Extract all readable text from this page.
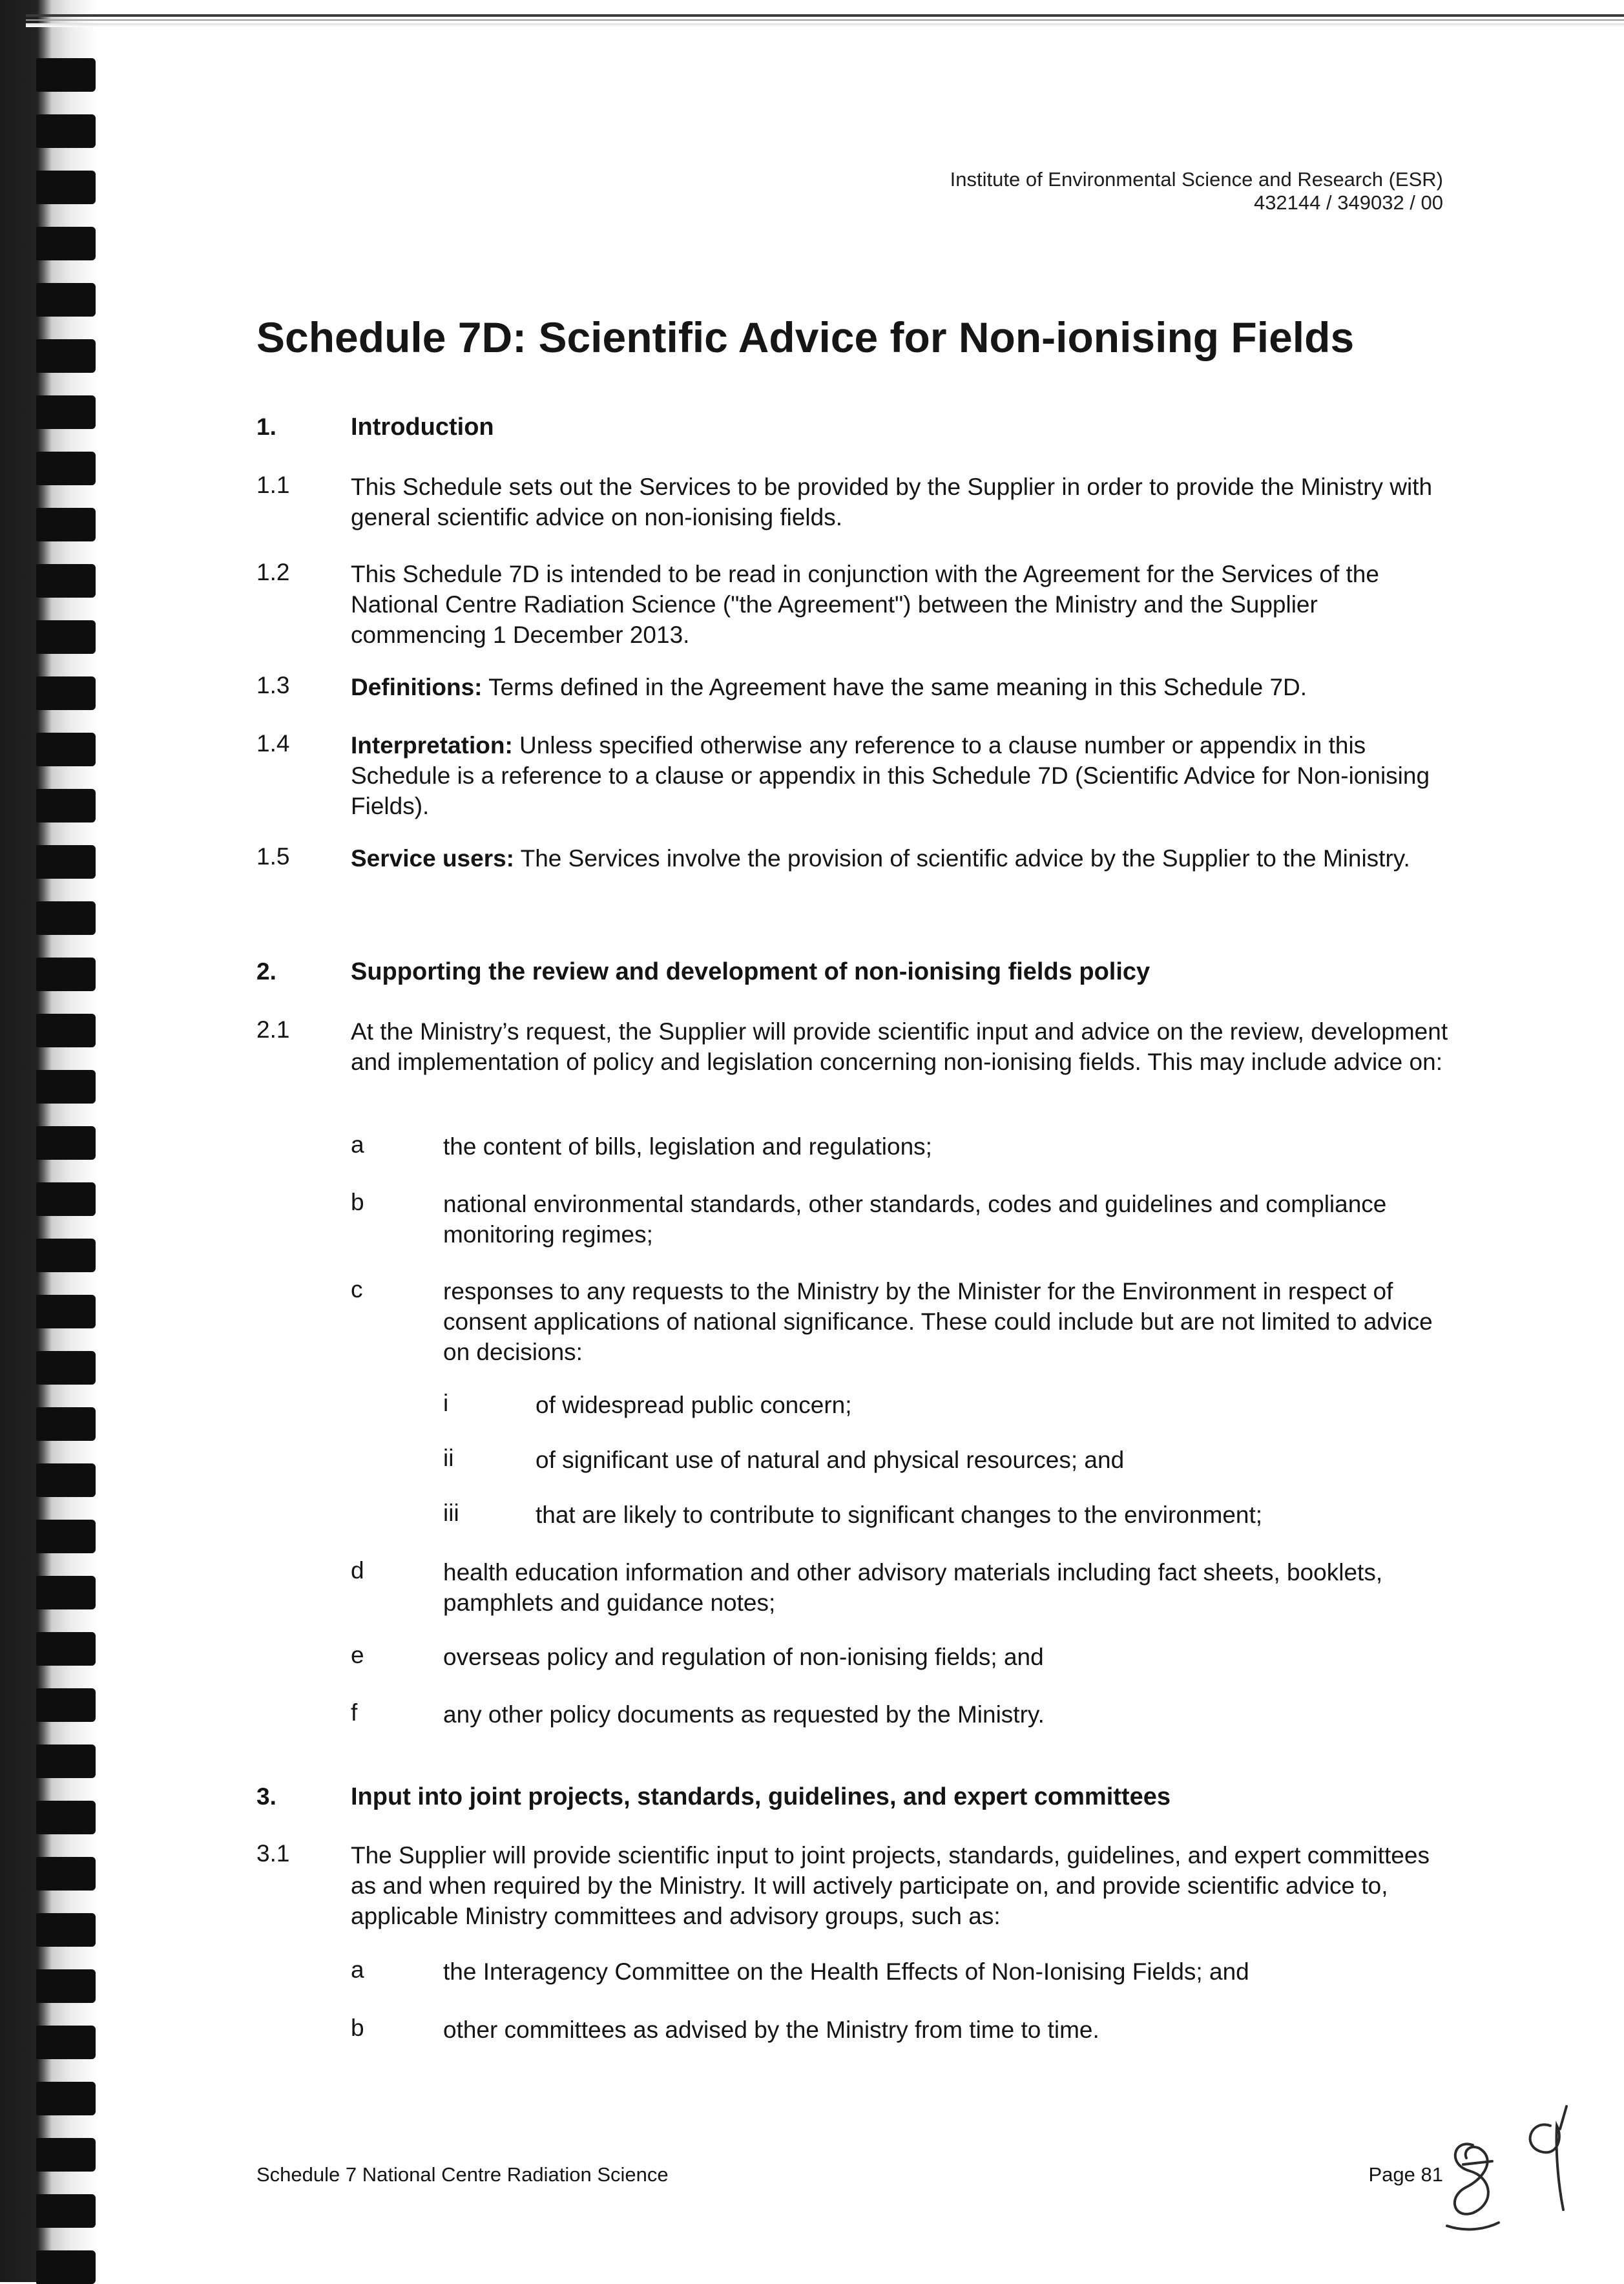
Institute of Environmental Science and Research (ESR)
432144 / 349032 / 00
Schedule 7D: Scientific Advice for Non-ionising Fields
1.	Introduction
1.1	This Schedule sets out the Services to be provided by the Supplier in order to provide the Ministry with general scientific advice on non-ionising fields.
1.2	This Schedule 7D is intended to be read in conjunction with the Agreement for the Services of the National Centre Radiation Science ("the Agreement") between the Ministry and the Supplier commencing 1 December 2013.
1.3	Definitions: Terms defined in the Agreement have the same meaning in this Schedule 7D.
1.4	Interpretation: Unless specified otherwise any reference to a clause number or appendix in this Schedule is a reference to a clause or appendix in this Schedule 7D (Scientific Advice for Non-ionising Fields).
1.5	Service users: The Services involve the provision of scientific advice by the Supplier to the Ministry.
2.	Supporting the review and development of non-ionising fields policy
2.1	At the Ministry’s request, the Supplier will provide scientific input and advice on the review, development and implementation of policy and legislation concerning non-ionising fields. This may include advice on:
a	the content of bills, legislation and regulations;
b	national environmental standards, other standards, codes and guidelines and compliance monitoring regimes;
c	responses to any requests to the Ministry by the Minister for the Environment in respect of consent applications of national significance. These could include but are not limited to advice on decisions:
i	of widespread public concern;
ii	of significant use of natural and physical resources; and
iii	that are likely to contribute to significant changes to the environment;
d	health education information and other advisory materials including fact sheets, booklets, pamphlets and guidance notes;
e	overseas policy and regulation of non-ionising fields; and
f	any other policy documents as requested by the Ministry.
3.	Input into joint projects, standards, guidelines, and expert committees
3.1	The Supplier will provide scientific input to joint projects, standards, guidelines, and expert committees as and when required by the Ministry. It will actively participate on, and provide scientific advice to, applicable Ministry committees and advisory groups, such as:
a	the Interagency Committee on the Health Effects of Non-Ionising Fields; and
b	other committees as advised by the Ministry from time to time.
Schedule 7 National Centre Radiation Science	Page 81
